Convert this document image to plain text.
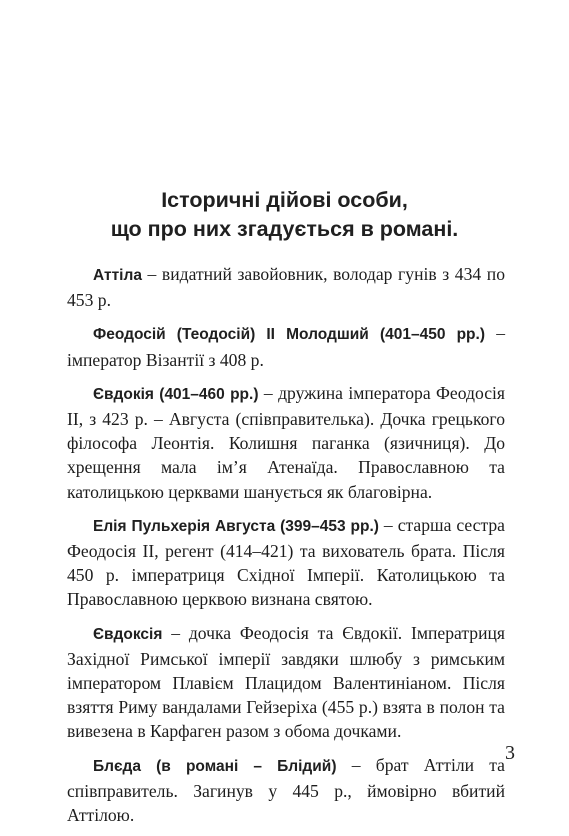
Історичні дійові особи,
що про них згадується в романі.

Аттіла – видатний завойовник, володар гунів з 434 по 453 р.

Феодосій (Теодосій) II Молодший (401–450 рр.) – імператор Візантії з 408 р.

Євдокія (401–460 рр.) – дружина імператора Феодосія II, з 423 р. – Августа (співправителька). Дочка грецького філософа Леонтія. Колишня паганка (язичниця). До хрещення мала ім’я Атенаїда. Православною та католицькою церквами шанується як благовірна.

Елія Пульхерія Августа (399–453 рр.) – старша сестра Феодосія II, регент (414–421) та вихователь брата. Після 450 р. імператриця Східної Імперії. Католицькою та Православною церквою визнана святою.

Євдоксія – дочка Феодосія та Євдокії. Імператриця Західної Римської імперії завдяки шлюбу з римським імператором Плавієм Плацидом Валентиніаном. Після взяття Риму вандалами Гейзеріха (455 р.) взята в полон та вивезена в Карфаген разом з обома дочками.

Блєда (в романі – Блідий) – брат Аттіли та співправитель. Загинув у 445 р., ймовірно вбитий Аттілою.

3
